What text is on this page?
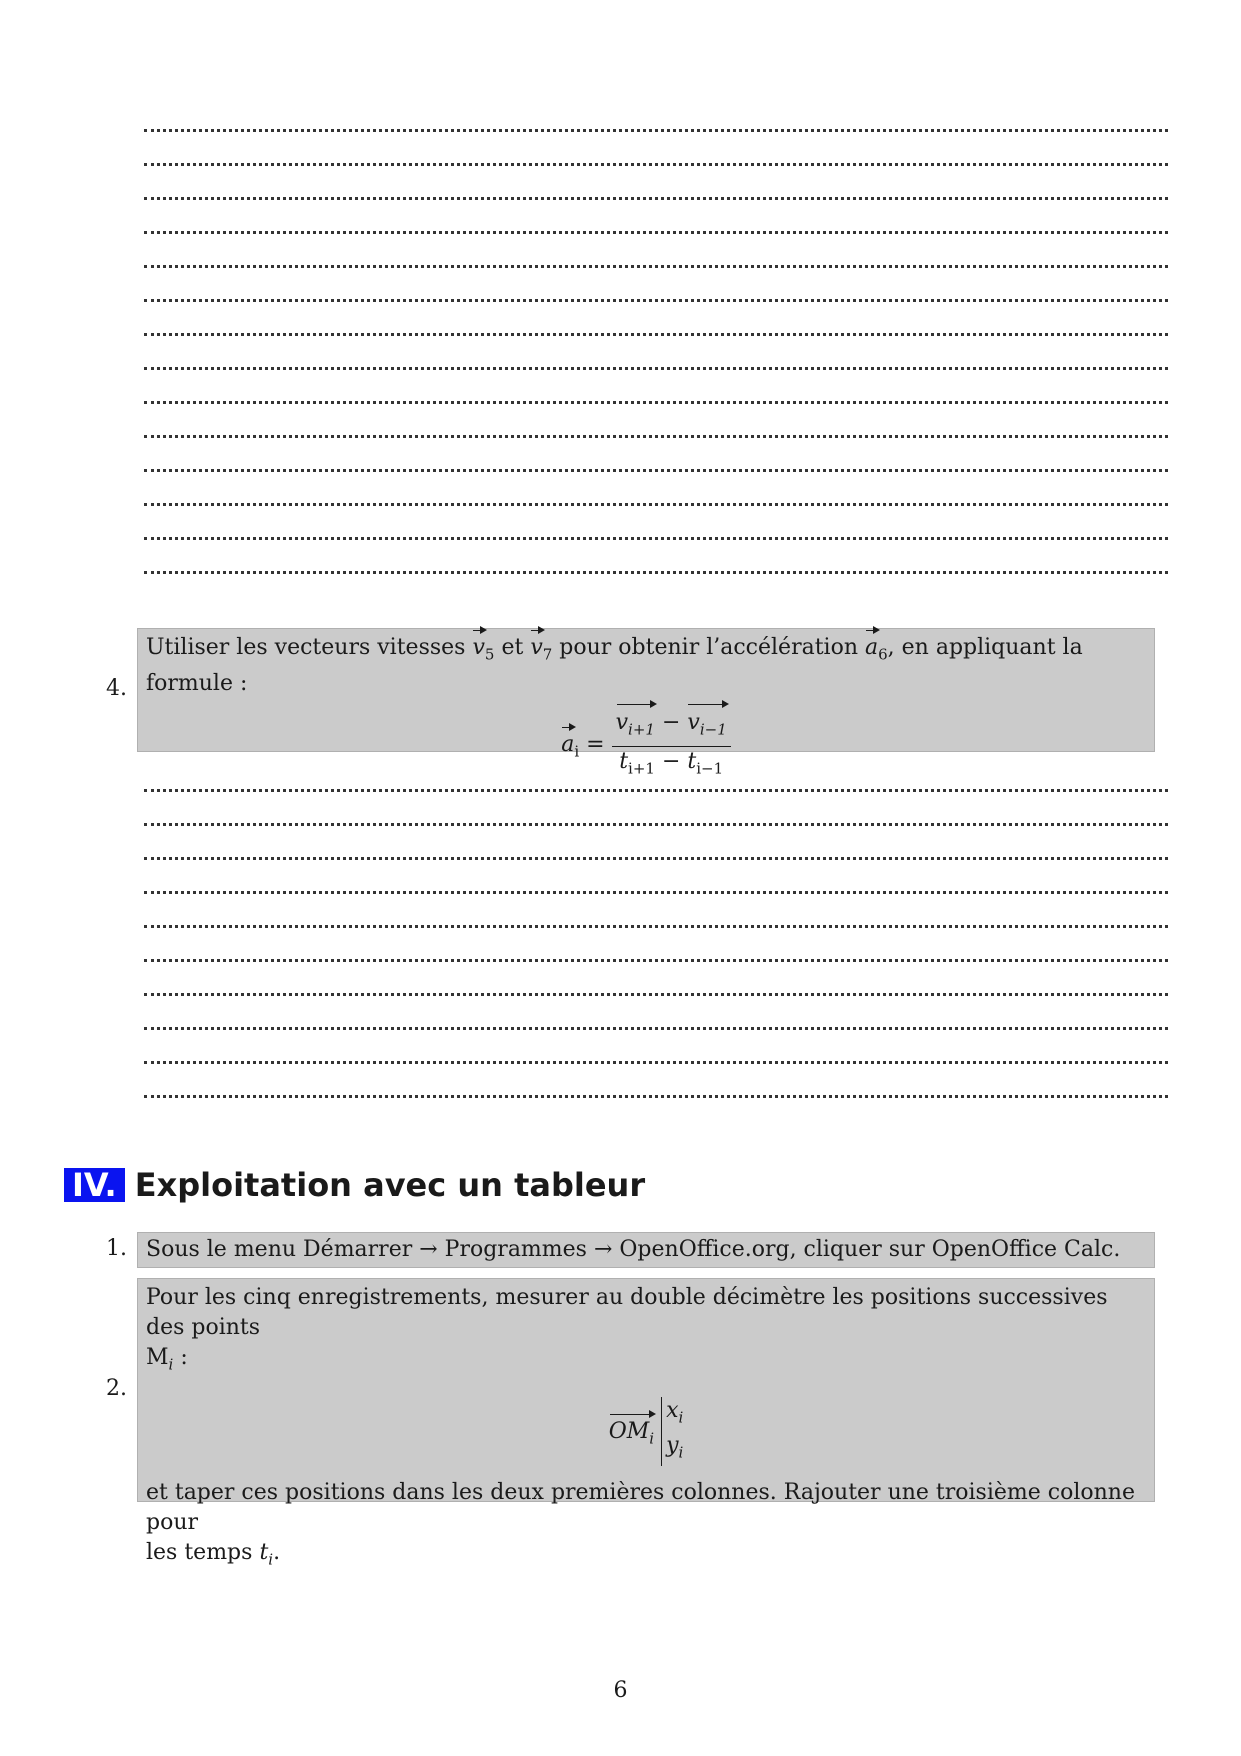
4.
Utiliser les vecteurs vitesses $v_5$ et $v_7$ pour obtenir l’accélération $a_6$, en appliquant la formule :
$a_i = \frac{v_{i+1} - v_{i-1}}{t_{i+1} - t_{i-1}}$
IV. Exploitation avec un tableur
1. Sous le menu Démarrer → Programmes → OpenOffice.org, cliquer sur OpenOffice Calc.
2.
Pour les cinq enregistrements, mesurer au double décimètre les positions successives des points
$M_i$ :
$OM_i$ $x_i$
$y_i$
et taper ces positions dans les deux premières colonnes. Rajouter une troisième colonne pour
les temps $t_i$.
6
